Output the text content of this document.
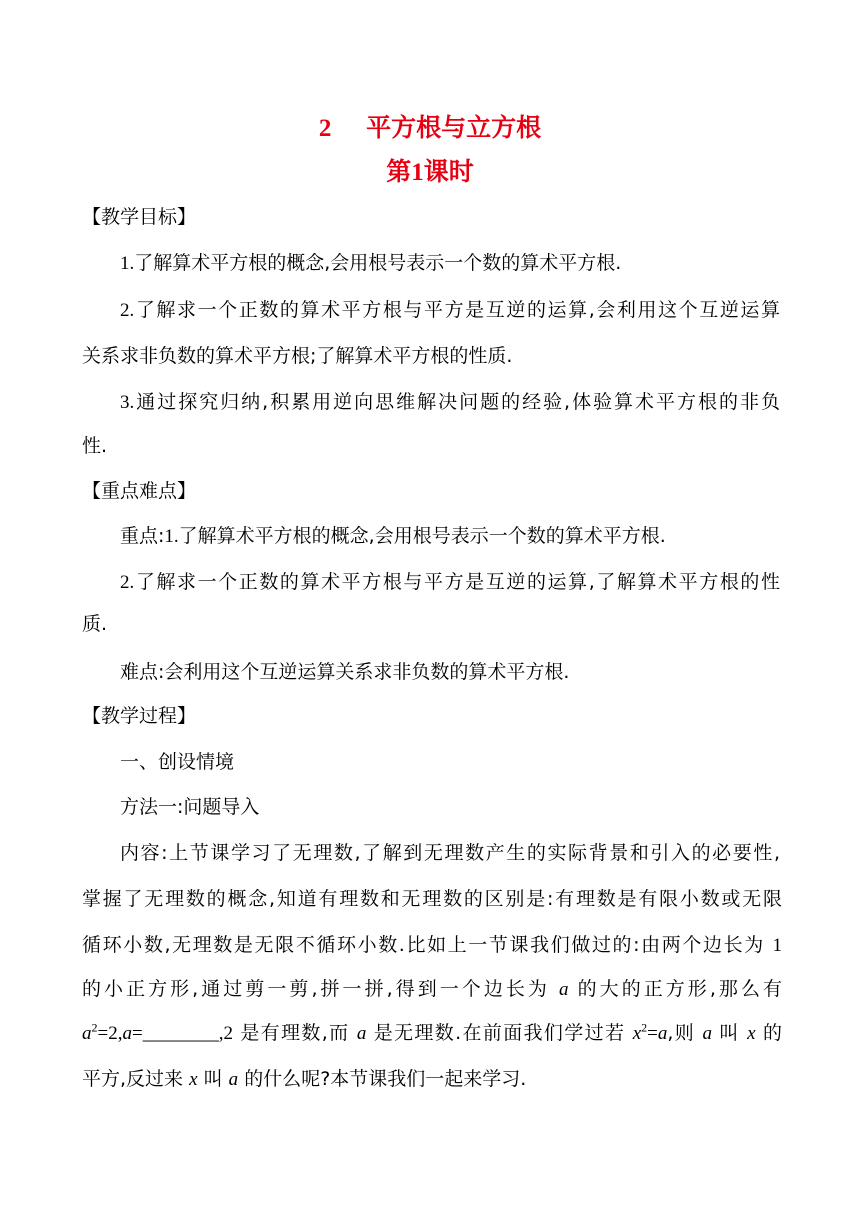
2 平方根与立方根
第1课时
【教学目标】
1.了解算术平方根的概念,会用根号表示一个数的算术平方根.
2.了解求一个正数的算术平方根与平方是互逆的运算,会利用这个互逆运算
关系求非负数的算术平方根;了解算术平方根的性质.
3.通过探究归纳,积累用逆向思维解决问题的经验,体验算术平方根的非负
性.
【重点难点】
重点:1.了解算术平方根的概念,会用根号表示一个数的算术平方根.
2.了解求一个正数的算术平方根与平方是互逆的运算,了解算术平方根的性
质.
难点:会利用这个互逆运算关系求非负数的算术平方根.
【教学过程】
一、创设情境
方法一:问题导入
内容:上节课学习了无理数,了解到无理数产生的实际背景和引入的必要性,
掌握了无理数的概念,知道有理数和无理数的区别是:有理数是有限小数或无限
循环小数,无理数是无限不循环小数.比如上一节课我们做过的:由两个边长为 1
的小正方形,通过剪一剪,拼一拼,得到一个边长为 a 的大的正方形,那么有
$a^2=2,a=\_\_\_\_\_\_\_\_,2$ 是有理数,而 a 是无理数.在前面我们学过若 $x^2=a$,则 a 叫 x 的
平方,反过来 x 叫 a 的什么呢?本节课我们一起来学习.
